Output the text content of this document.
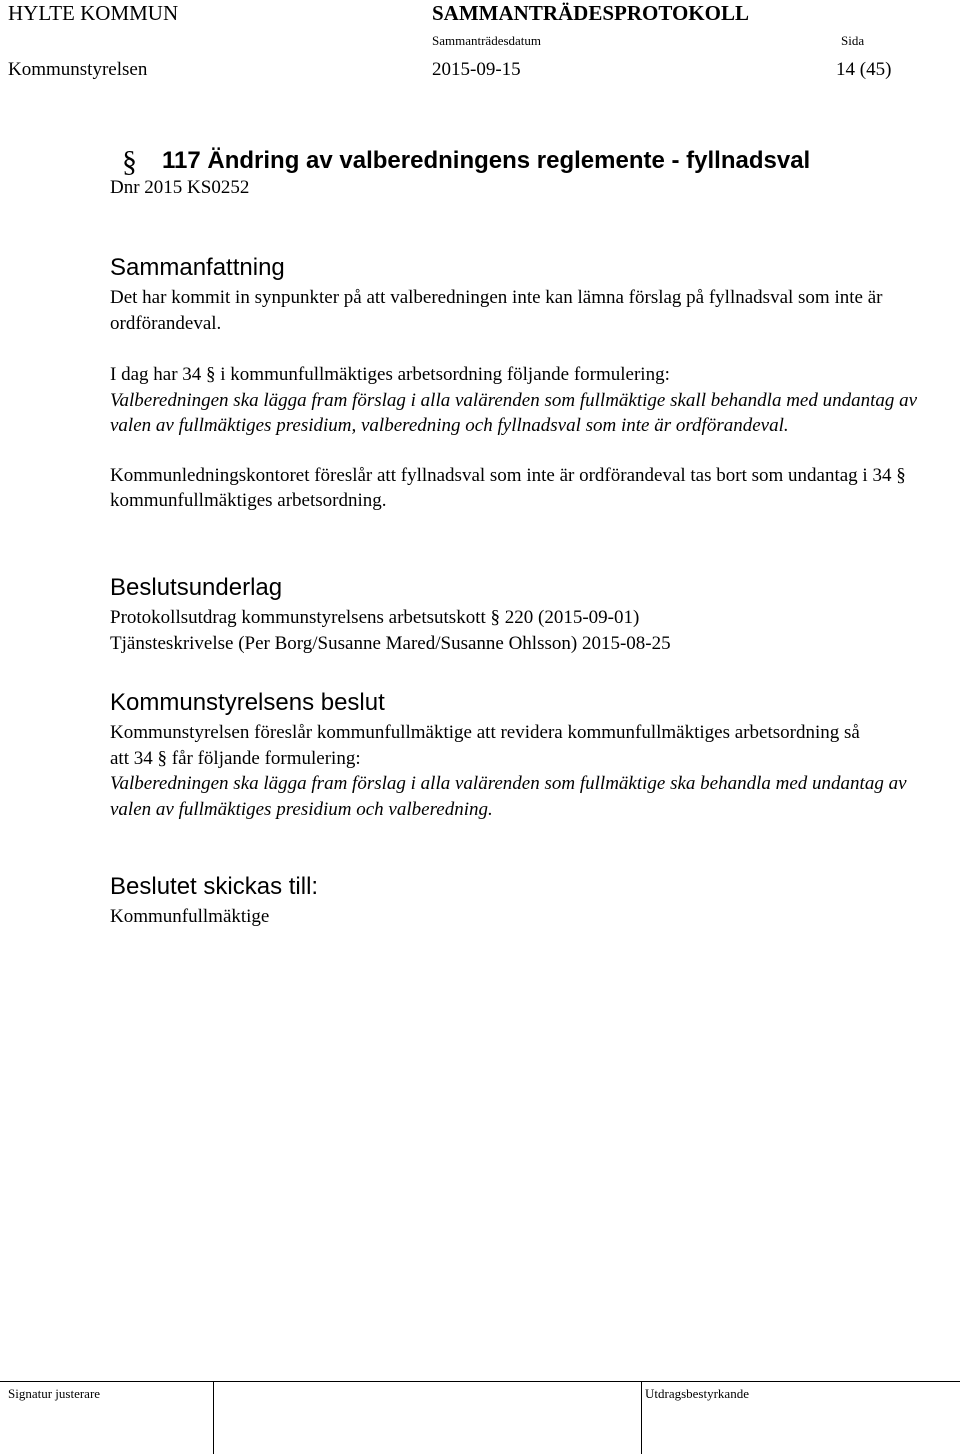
HYLTE KOMMUN	SAMMANTRÄDESPROTOKOLL
Sammanträdesdatum	Sida
Kommunstyrelsen	2015-09-15	14 (45)
§ 117 Ändring av valberedningens reglemente - fyllnadsval
Dnr 2015 KS0252
Sammanfattning

Det har kommit in synpunkter på att valberedningen inte kan lämna förslag på fyllnadsval som inte är ordförandeval.

I dag har 34 § i kommunfullmäktiges arbetsordning följande formulering:
Valberedningen ska lägga fram förslag i alla valärenden som fullmäktige skall behandla med undantag av valen av fullmäktiges presidium, valberedning och fyllnadsval som inte är ordförandeval.

Kommunledningskontoret föreslår att fyllnadsval som inte är ordförandeval tas bort som undantag i 34 § kommunfullmäktiges arbetsordning.

Beslutsunderlag

Protokollsutdrag kommunstyrelsens arbetsutskott § 220 (2015-09-01)

Tjänsteskrivelse (Per Borg/Susanne Mared/Susanne Ohlsson) 2015-08-25

Kommunstyrelsens beslut

Kommunstyrelsen föreslår kommunfullmäktige att revidera kommunfullmäktiges arbetsordning så att 34 § får följande formulering:

Valberedningen ska lägga fram förslag i alla valärenden som fullmäktige ska behandla med undantag av valen av fullmäktiges presidium och valberedning.

Beslutet skickas till:

Kommunfullmäktige

Signatur justerare	Utdragsbestyrkande
